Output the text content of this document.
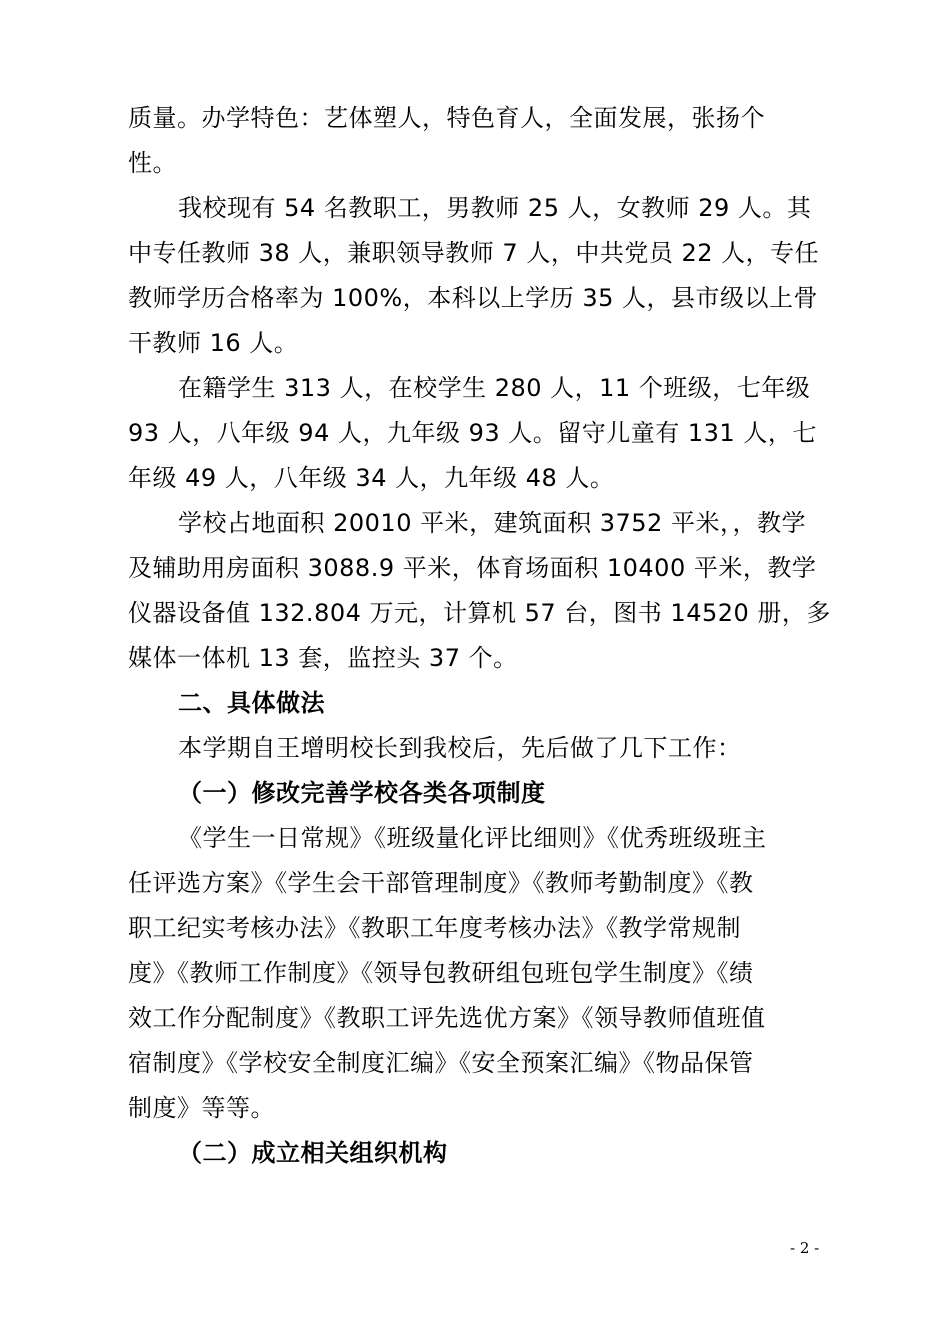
质量。办学特色：艺体塑人，特色育人，全面发展，张扬个
性。
我校现有 54 名教职工，男教师 25 人，女教师 29 人。其
中专任教师 38 人，兼职领导教师 7 人，中共党员 22 人，专任
教师学历合格率为 100%，本科以上学历 35 人，县市级以上骨
干教师 16 人。
在籍学生 313 人，在校学生 280 人，11 个班级，七年级
93 人，八年级 94 人，九年级 93 人。留守儿童有 131 人，七
年级 49 人，八年级 34 人，九年级 48 人。
学校占地面积 20010 平米，建筑面积 3752 平米，，教学
及辅助用房面积 3088.9 平米，体育场面积 10400 平米，教学
仪器设备值 132.804 万元，计算机 57 台，图书 14520 册，多
媒体一体机 13 套，监控头 37 个。
二、具体做法
本学期自王增明校长到我校后，先后做了几下工作：
（一）修改完善学校各类各项制度
《学生一日常规》《班级量化评比细则》《优秀班级班主
任评选方案》《学生会干部管理制度》《教师考勤制度》《教
职工纪实考核办法》《教职工年度考核办法》《教学常规制
度》《教师工作制度》《领导包教研组包班包学生制度》《绩
效工作分配制度》《教职工评先选优方案》《领导教师值班值
宿制度》《学校安全制度汇编》《安全预案汇编》《物品保管
制度》等等。
（二）成立相关组织机构
- 2 -
